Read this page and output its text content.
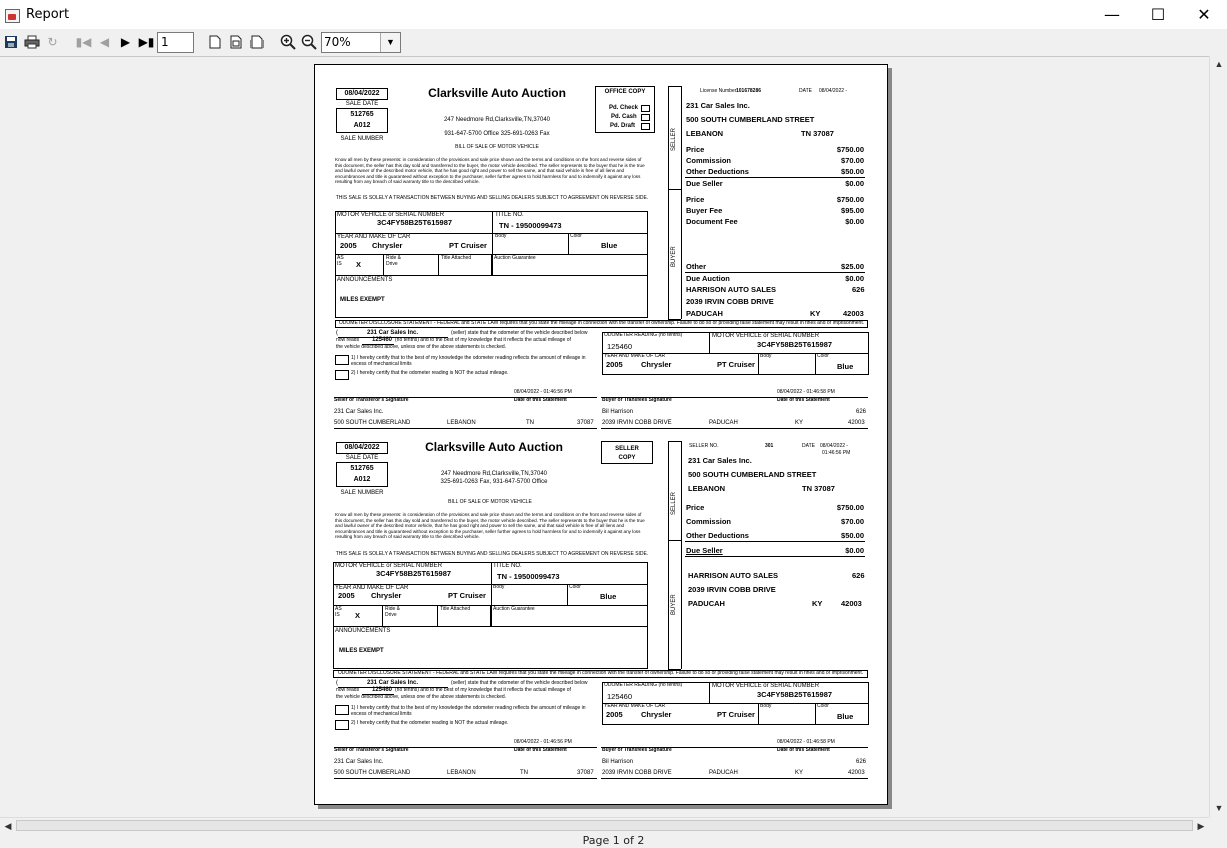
Report	—	☐	✕
↻	▮◀ ◀ ▶ ▶▮ 1	70%	▼
08/04/2022
SALE DATE
512765
A012
SALE NUMBER
Clarksville Auto Auction
247 Needmore Rd,Clarksville,TN,37040
931-647-5700 Office 325-691-0263 Fax
BILL OF SALE OF MOTOR VEHICLE
OFFICE COPY
Pd. Check
Pd. Cash
Pd. Draft
Know all men by these presents: in consideration of the provisions and sale price shown and the terms and conditions on the front and reverse sides of this document, the seller has this day sold and transferred to the buyer, the motor vehicle described. The seller represents to the buyer that he is the true and lawful owner of the described motor vehicle, that he has good right and power to sell the same, and that said vehicle is free of all liens and encumbrances and title is guaranteed without exception to the purchaser, seller further agrees to hold harmless for and to indemnify it against any loss resulting from any breach of said warranty title to the described vehicle.
THIS SALE IS SOLELY A TRANSACTION BETWEEN BUYING AND SELLING DEALERS SUBJECT TO AGREEMENT ON REVERSE SIDE.
MOTOR VEHICLE or SERIAL NUMBER
3C4FY58B25T615987
TITLE NO.
TN - 19500099473
YEAR AND MAKE OF CAR
2005 Chrysler	PT Cruiser
Body	Color
Blue
AS IS	X
Ride & Drive
Title Attached	Auction Guarantee
ANNOUNCEMENTS
MILES EXEMPT
ODOMETER DISCLOSURE STATEMENT - FEDERAL and STATE LAW requires that you state the mileage in connection with the transfer of ownership. Failure to do so or providing false statement may result in fines and or imprisonment.
(	231 Car Sales Inc.	(seller) state that the odometer of the vehicle described below
now reads 125460 (no tenths) and to the best of my knowledge that it reflects the actual mileage of
the vehicle described above, unless one of the above statements is checked.
1) I hereby certify that to the best of my knowledge the odometer reading reflects the amount of mileage in excess of mechanical limits
2) I hereby certify that the odometer reading is NOT the actual mileage.
ODOMETER READING (no tenths)
125460
MOTOR VEHICLE or SERIAL NUMBER
3C4FY58B25T615987
YEAR AND MAKE OF CAR
2005 Chrysler	PT Cruiser
Body	Color
Blue
08/04/2022 - 01:46:56 PM
Seller or Transferor's Signature	Date of this Statement
231 Car Sales Inc.
500 SOUTH CUMBERLAND	LEBANON	TN	37087
08/04/2022 - 01:46:58 PM
Buyer or Transfees Signature	Date of this Statement
Bil Harrison	626
2039 IRVIN COBB DRIVE	PADUCAH	KY	42003
SELLER
BUYER
License Number:
101678286	DATE 08/04/2022 -
231 Car Sales Inc.
500 SOUTH CUMBERLAND STREET
LEBANON	TN 37087
Price	$750.00
Commission	$70.00
Other Deductions	$50.00
Due Seller	$0.00
Price	$750.00
Buyer Fee	$95.00
Document Fee	$0.00
Other	$25.00
Due Auction	$0.00
HARRISON AUTO SALES	626
2039 IRVIN COBB DRIVE
PADUCAH	KY	42003
08/04/2022
SALE DATE
512765
A012
SALE NUMBER
Clarksville Auto Auction
247 Needmore Rd,Clarksville,TN,37040
325-691-0263 Fax, 931-647-5700 Office
BILL OF SALE OF MOTOR VEHICLE
SELLER COPY
Know all men by these presents: in consideration of the provisions and sale price shown and the terms and conditions on the front and reverse sides of this document, the seller has this day sold and transferred to the buyer, the motor vehicle described. The seller represents to the buyer that he is the true and lawful owner of the described motor vehicle, that he has good right and power to sell the same, and that said vehicle is free of all liens and encumbrances and title is guaranteed without exception to the purchaser, seller further agrees to hold harmless for and to indemnify it against any loss resulting from any breach of said warranty title to the described vehicle.
THIS SALE IS SOLELY A TRANSACTION BETWEEN BUYING AND SELLING DEALERS SUBJECT TO AGREEMENT ON REVERSE SIDE.
MOTOR VEHICLE or SERIAL NUMBER
3C4FY58B25T615987
TITLE NO.
TN - 19500099473
YEAR AND MAKE OF CAR
2005 Chrysler	PT Cruiser
Body	Color
Blue
AS IS	X
Ride & Drive
Title Attached	Auction Guarantee
ANNOUNCEMENTS
MILES EXEMPT
ODOMETER DISCLOSURE STATEMENT - FEDERAL and STATE LAW requires that you state the mileage in connection with the transfer of ownership. Failure to do so or providing false statement may result in fines and or imprisonment.
(	231 Car Sales Inc.	(seller) state that the odometer of the vehicle described below
now reads 125460 (no tenths) and to the best of my knowledge that it reflects the actual mileage of
the vehicle described above, unless one of the above statements is checked.
1) I hereby certify that to the best of my knowledge the odometer reading reflects the amount of mileage in excess of mechanical limits
2) I hereby certify that the odometer reading is NOT the actual mileage.
ODOMETER READING (no tenths)
125460
MOTOR VEHICLE or SERIAL NUMBER
3C4FY58B25T615987
YEAR AND MAKE OF CAR
2005 Chrysler	PT Cruiser
Body	Color
Blue
08/04/2022 - 01:46:56 PM
Seller or Transferor's Signature	Date of this Statement
231 Car Sales Inc.
500 SOUTH CUMBERLAND	LEBANON	TN	37087
08/04/2022 - 01:46:58 PM
Buyer or Transfees Signature	Date of this Statement
Bil Harrison	626
2039 IRVIN COBB DRIVE	PADUCAH	KY	42003
SELLER
BUYER
SELLER NO.	301	DATE 08/04/2022 -
01:46:56 PM
231 Car Sales Inc.
500 SOUTH CUMBERLAND STREET
LEBANON	TN 37087
Price	$750.00
Commission	$70.00
Other Deductions	$50.00
Due Seller	$0.00
HARRISON AUTO SALES	626
2039 IRVIN COBB DRIVE
PADUCAH	KY 42003
▲
▼
◀	▶
Page 1 of 2
